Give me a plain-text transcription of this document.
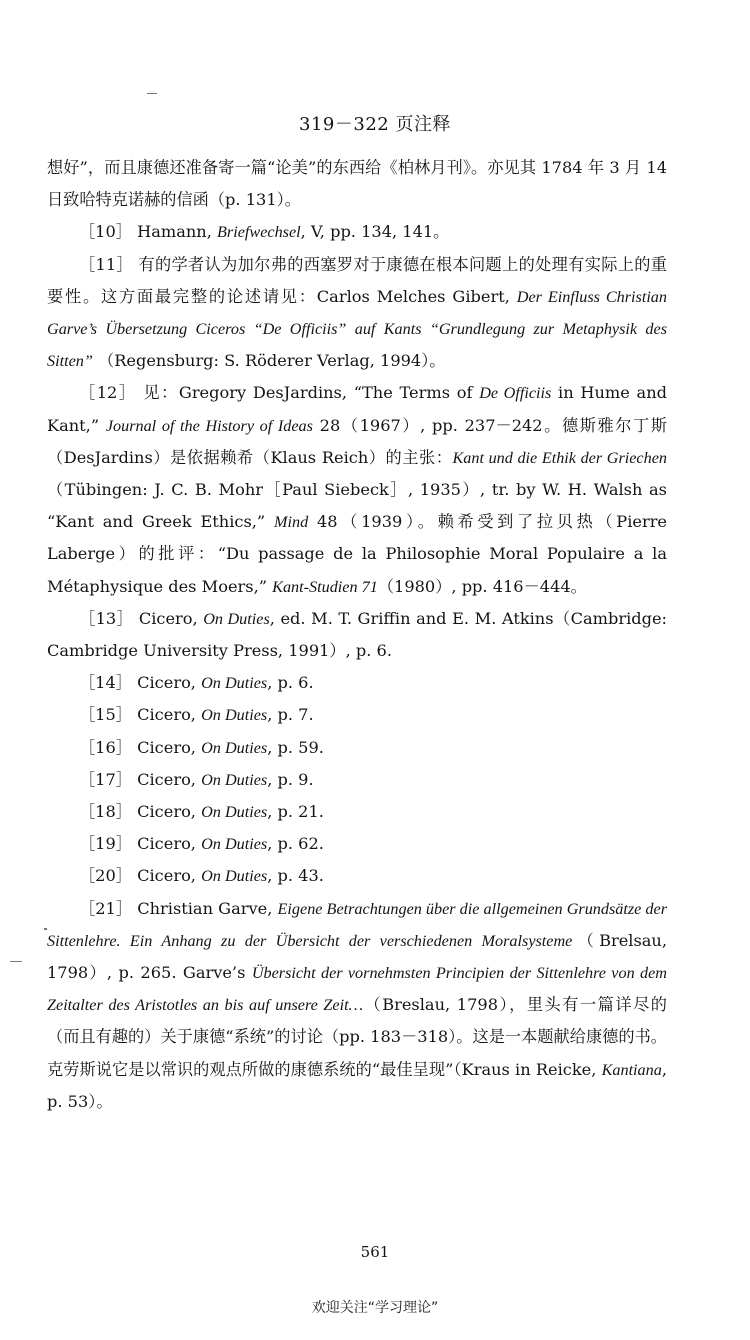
319－322 页注释

想好”，而且康德还准备寄一篇“论美”的东西给《柏林月刊》。亦见其 1784 年 3 月 14 日致哈特克诺赫的信函（p. 131）。

［10］ Hamann, Briefwechsel, V, pp. 134, 141。

［11］ 有的学者认为加尔弗的西塞罗对于康德在根本问题上的处理有实际上的重要性。这方面最完整的论述请见：Carlos Melches Gibert, Der Einfluss Christian Garve’s Übersetzung Ciceros “De Officiis” auf Kants “Grundlegung zur Metaphysik des Sitten” （Regensburg: S. Röderer Verlag, 1994）。

［12］ 见：Gregory DesJardins, “The Terms of De Officiis in Hume and Kant,” Journal of the History of Ideas 28（1967）, pp. 237－242。德斯雅尔丁斯（DesJardins）是依据赖希（Klaus Reich）的主张：Kant und die Ethik der Griechen（Tübingen: J. C. B. Mohr［Paul Siebeck］, 1935）, tr. by W. H. Walsh as “Kant and Greek Ethics,” Mind 48（1939）。赖希受到了拉贝热（Pierre Laberge）的批评：“Du passage de la Philosophie Moral Populaire a la Métaphysique des Moers,” Kant-Studien 71（1980）, pp. 416－444。

［13］ Cicero, On Duties, ed. M. T. Griffin and E. M. Atkins（Cambridge: Cambridge University Press, 1991）, p. 6.

［14］ Cicero, On Duties, p. 6.

［15］ Cicero, On Duties, p. 7.

［16］ Cicero, On Duties, p. 59.

［17］ Cicero, On Duties, p. 9.

［18］ Cicero, On Duties, p. 21.

［19］ Cicero, On Duties, p. 62.

［20］ Cicero, On Duties, p. 43.

［21］ Christian Garve, Eigene Betrachtungen über die allgemeinen Grundsätze der Sittenlehre. Ein Anhang zu der Übersicht der verschiedenen Moralsysteme（Brelsau, 1798）, p. 265. Garve’s Übersicht der vornehmsten Principien der Sittenlehre von dem Zeitalter des Aristotles an bis auf unsere Zeit…（Breslau, 1798），里头有一篇详尽的（而且有趣的）关于康德“系统”的讨论（pp. 183－318）。这是一本题献给康德的书。克劳斯说它是以常识的观点所做的康德系统的“最佳呈现”（Kraus in Reicke, Kantiana, p. 53）。

561
欢迎关注“学习理论”
